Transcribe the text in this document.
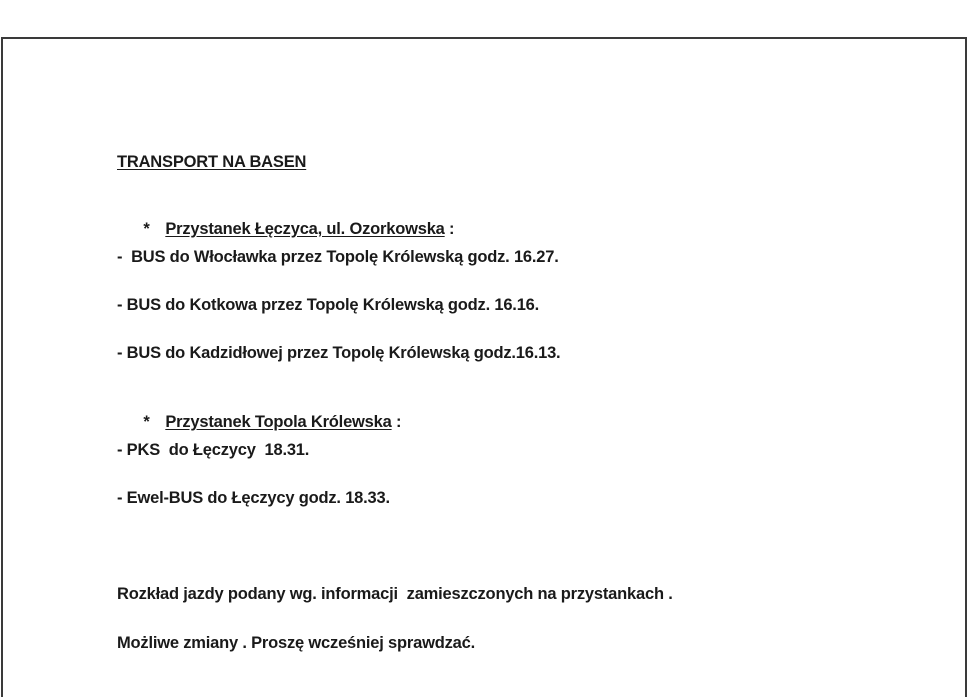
TRANSPORT NA BASEN

* Przystanek Łęczyca, ul. Ozorkowska :

-  BUS do Włocławka przez Topolę Królewską godz. 16.27.
- BUS do Kotkowa przez Topolę Królewską godz. 16.16.
- BUS do Kadzidłowej przez Topolę Królewską godz.16.13.

* Przystanek Topola Królewska :

- PKS  do Łęczycy  18.31.
- Ewel-BUS do Łęczycy godz. 18.33.
Rozkład jazdy podany wg. informacji  zamieszczonych na przystankach .
Możliwe zmiany . Proszę wcześniej sprawdzać.
